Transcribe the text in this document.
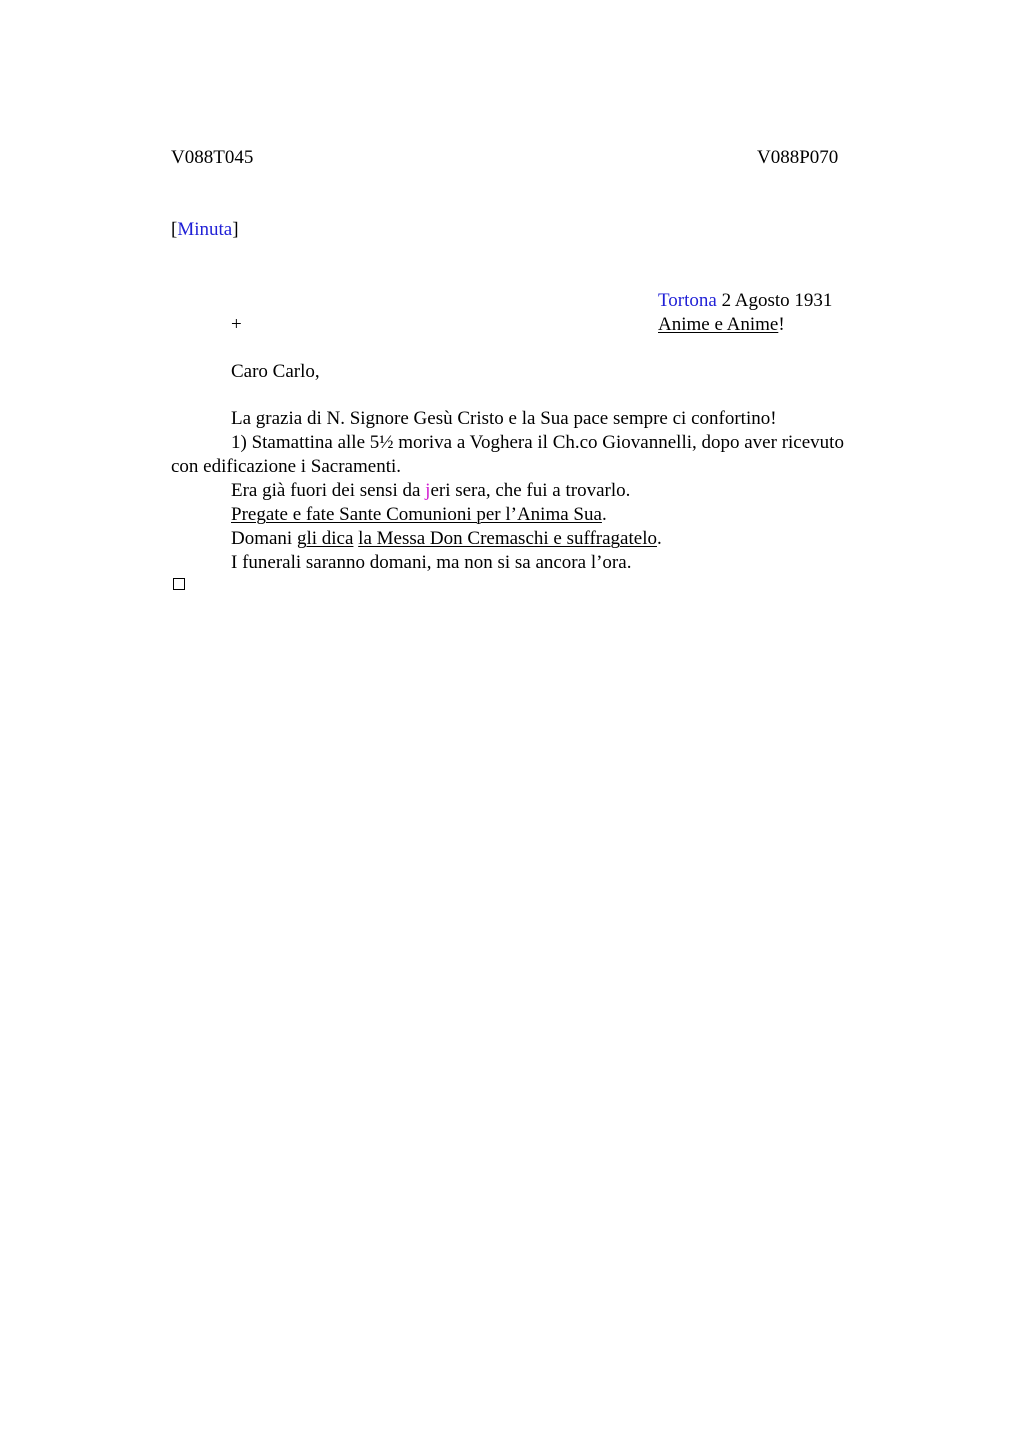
V088T045	V088P070
[Minuta]
Tortona 2 Agosto 1931
+	Anime e Anime!
Caro Carlo,
La grazia di N. Signore Gesù Cristo e la Sua pace sempre ci confortino!
1) Stamattina alle 5½ moriva a Voghera il Ch.co Giovannelli, dopo aver ricevuto
con edificazione i Sacramenti.
Era già fuori dei sensi da jeri sera, che fui a trovarlo.
Pregate e fate Sante Comunioni per l’Anima Sua.
Domani gli dica la Messa Don Cremaschi e suffragatelo.
I funerali saranno domani, ma non si sa ancora l’ora.
